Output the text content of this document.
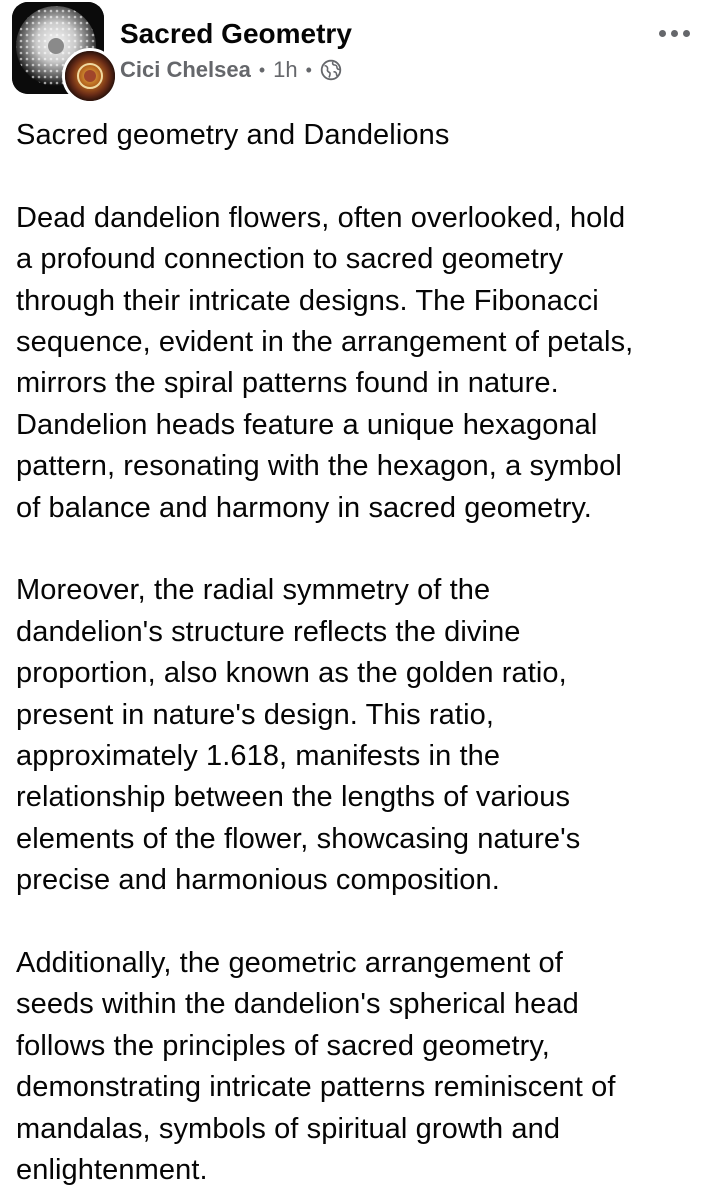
Sacred Geometry
Cici Chelsea • 1h •

Sacred geometry and Dandelions

Dead dandelion flowers, often overlooked, hold
a profound connection to sacred geometry
through their intricate designs. The Fibonacci
sequence, evident in the arrangement of petals,
mirrors the spiral patterns found in nature.
Dandelion heads feature a unique hexagonal
pattern, resonating with the hexagon, a symbol
of balance and harmony in sacred geometry.

Moreover, the radial symmetry of the
dandelion's structure reflects the divine
proportion, also known as the golden ratio,
present in nature's design. This ratio,
approximately 1.618, manifests in the
relationship between the lengths of various
elements of the flower, showcasing nature's
precise and harmonious composition.

Additionally, the geometric arrangement of
seeds within the dandelion's spherical head
follows the principles of sacred geometry,
demonstrating intricate patterns reminiscent of
mandalas, symbols of spiritual growth and
enlightenment.
